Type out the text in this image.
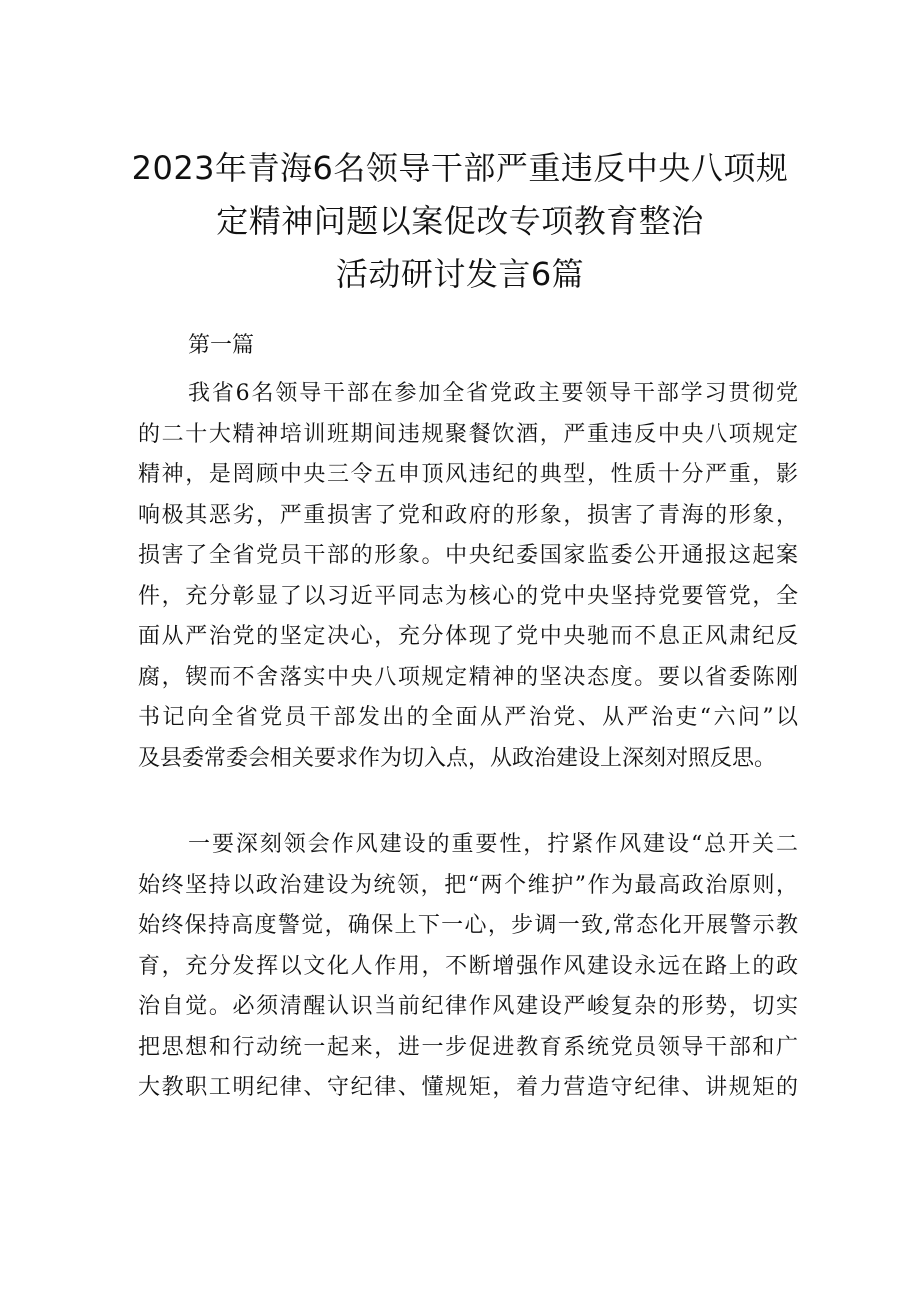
2023年青海6名领导干部严重违反中央八项规
定精神问题以案促改专项教育整治
活动研讨发言6篇
第一篇
我省6名领导干部在参加全省党政主要领导干部学习贯彻党
的二十大精神培训班期间违规聚餐饮酒，严重违反中央八项规定
精神，是罔顾中央三令五申顶风违纪的典型，性质十分严重，影
响极其恶劣，严重损害了党和政府的形象，损害了青海的形象，
损害了全省党员干部的形象。中央纪委国家监委公开通报这起案
件，充分彰显了以习近平同志为核心的党中央坚持党要管党，全
面从严治党的坚定决心，充分体现了党中央驰而不息正风肃纪反
腐，锲而不舍落实中央八项规定精神的坚决态度。要以省委陈刚
书记向全省党员干部发出的全面从严治党、从严治吏“六问”以
及县委常委会相关要求作为切入点，从政治建设上深刻对照反思。
一要深刻领会作风建设的重要性，拧紧作风建设“总开关二
始终坚持以政治建设为统领，把“两个维护”作为最高政治原则，
始终保持高度警觉，确保上下一心，步调一致,常态化开展警示教
育，充分发挥以文化人作用，不断增强作风建设永远在路上的政
治自觉。必须清醒认识当前纪律作风建设严峻复杂的形势，切实
把思想和行动统一起来，进一步促进教育系统党员领导干部和广
大教职工明纪律、守纪律、懂规矩，着力营造守纪律、讲规矩的
